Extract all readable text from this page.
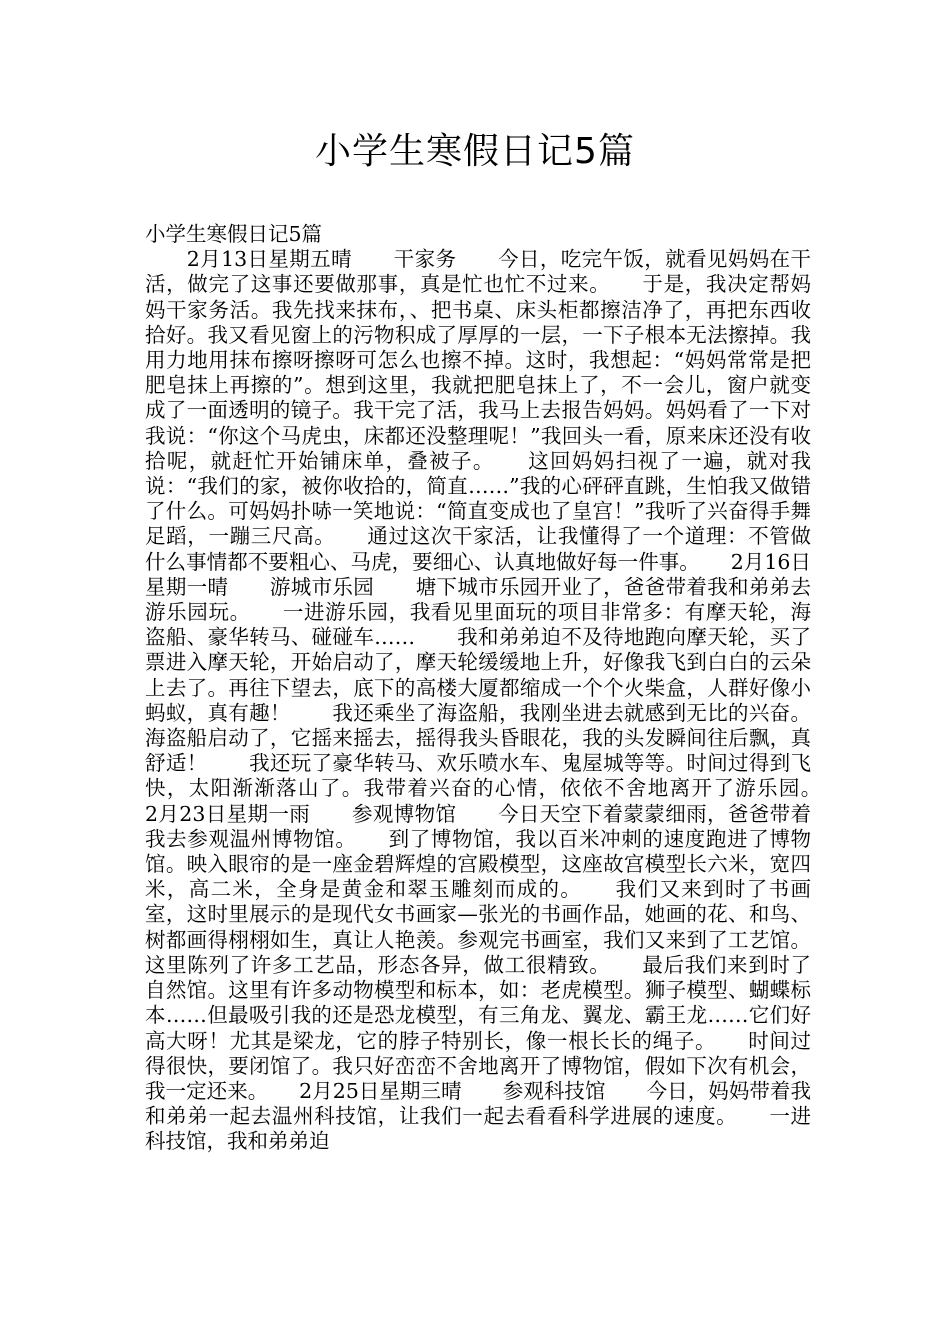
小学生寒假日记5篇
小学生寒假日记5篇
　　2月13日星期五晴　　干家务　　今日，吃完午饭，就看见妈妈在干活，做完了这事还要做那事，真是忙也忙不过来。　　于是，我决定帮妈妈干家务活。我先找来抹布，、把书桌、床头柜都擦洁净了，再把东西收拾好。我又看见窗上的污物积成了厚厚的一层，一下子根本无法擦掉。我用力地用抹布擦呀擦呀可怎么也擦不掉。这时，我想起：“妈妈常常是把肥皂抹上再擦的”。想到这里，我就把肥皂抹上了，不一会儿，窗户就变成了一面透明的镜子。我干完了活，我马上去报告妈妈。妈妈看了一下对我说：“你这个马虎虫，床都还没整理呢！”我回头一看，原来床还没有收拾呢，就赶忙开始铺床单，叠被子。　　这回妈妈扫视了一遍，就对我说：“我们的家，被你收拾的，简直……”我的心砰砰直跳，生怕我又做错了什么。可妈妈扑哧一笑地说：“简直变成也了皇宫！”我听了兴奋得手舞足蹈，一蹦三尺高。　　通过这次干家活，让我懂得了一个道理：不管做什么事情都不要粗心、马虎，要细心、认真地做好每一件事。　　2月16日星期一晴　　游城市乐园　　塘下城市乐园开业了，爸爸带着我和弟弟去游乐园玩。　　一进游乐园，我看见里面玩的项目非常多：有摩天轮，海盗船、豪华转马、碰碰车……　　我和弟弟迫不及待地跑向摩天轮，买了票进入摩天轮，开始启动了，摩天轮缓缓地上升，好像我飞到白白的云朵上去了。再往下望去，底下的高楼大厦都缩成一个个火柴盒，人群好像小蚂蚁，真有趣！　　我还乘坐了海盗船，我刚坐进去就感到无比的兴奋。海盗船启动了，它摇来摇去，摇得我头昏眼花，我的头发瞬间往后飘，真舒适！　　我还玩了豪华转马、欢乐喷水车、鬼屋城等等。时间过得到飞快，太阳渐渐落山了。我带着兴奋的心情，依依不舍地离开了游乐园。　　2月23日星期一雨　　参观博物馆　　今日天空下着蒙蒙细雨，爸爸带着我去参观温州博物馆。　　到了博物馆，我以百米冲刺的速度跑进了博物馆。映入眼帘的是一座金碧辉煌的宫殿模型，这座故宫模型长六米，宽四米，高二米，全身是黄金和翠玉雕刻而成的。　　我们又来到时了书画室，这时里展示的是现代女书画家—张光的书画作品，她画的花、和鸟、树都画得栩栩如生，真让人艳羡。参观完书画室，我们又来到了工艺馆。这里陈列了许多工艺品，形态各异，做工很精致。　　最后我们来到时了自然馆。这里有许多动物模型和标本，如：老虎模型。狮子模型、蝴蝶标本……但最吸引我的还是恐龙模型，有三角龙、翼龙、霸王龙……它们好高大呀！尤其是梁龙，它的脖子特别长，像一根长长的绳子。　　时间过得很快，要闭馆了。我只好峦峦不舍地离开了博物馆，假如下次有机会，我一定还来。　　2月25日星期三晴　　参观科技馆　　今日，妈妈带着我和弟弟一起去温州科技馆，让我们一起去看看科学进展的速度。　　一进科技馆，我和弟弟迫
